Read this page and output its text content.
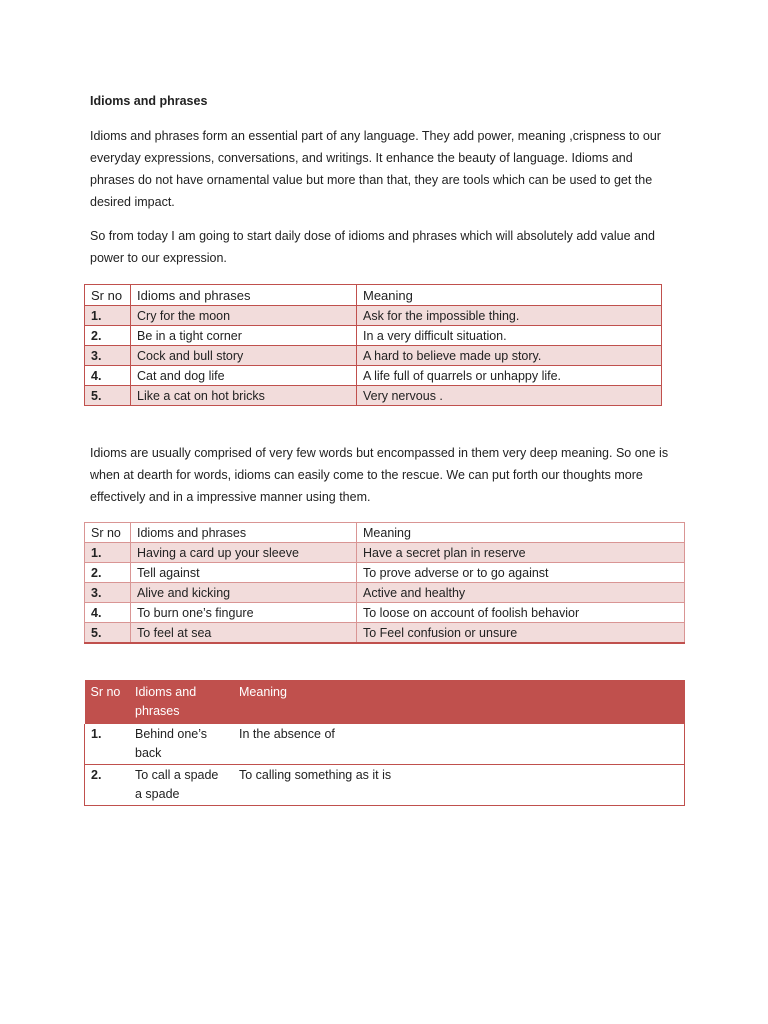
Idioms and phrases

Idioms and phrases form an essential part of any language. They add power, meaning ,crispness to our everyday expressions, conversations, and writings. It enhance the beauty of language. Idioms and phrases do not have ornamental value but more than that, they are tools which can be used to get the desired impact.

So from today I am going to start daily dose of idioms and phrases which will absolutely add value and power to our expression.

Sr no	Idioms and phrases	Meaning
1.	Cry for the moon	Ask for the impossible thing.
2.	Be in a tight corner	In a very difficult situation.
3.	Cock and bull story	A hard to believe made up story.
4.	Cat and dog life	A life full of quarrels or unhappy life.
5.	Like a cat on hot bricks	Very nervous .

Idioms are usually comprised of very few words but encompassed in them very deep meaning. So one is when at dearth for words, idioms can easily come to the rescue. We can put forth our thoughts more effectively and in a impressive manner using them.

Sr no	Idioms and phrases	Meaning
1.	Having a card up your sleeve	Have a secret plan in reserve
2.	Tell against	To prove adverse or to go against
3.	Alive and kicking	Active and healthy
4.	To burn one’s fingure	To loose on account of foolish behavior
5.	To feel at sea	To Feel confusion or unsure
Sr no	Idioms and phrases	Meaning
1.	Behind one’s back	In the absence of
2.	To call a spade a spade	To calling something as it is
